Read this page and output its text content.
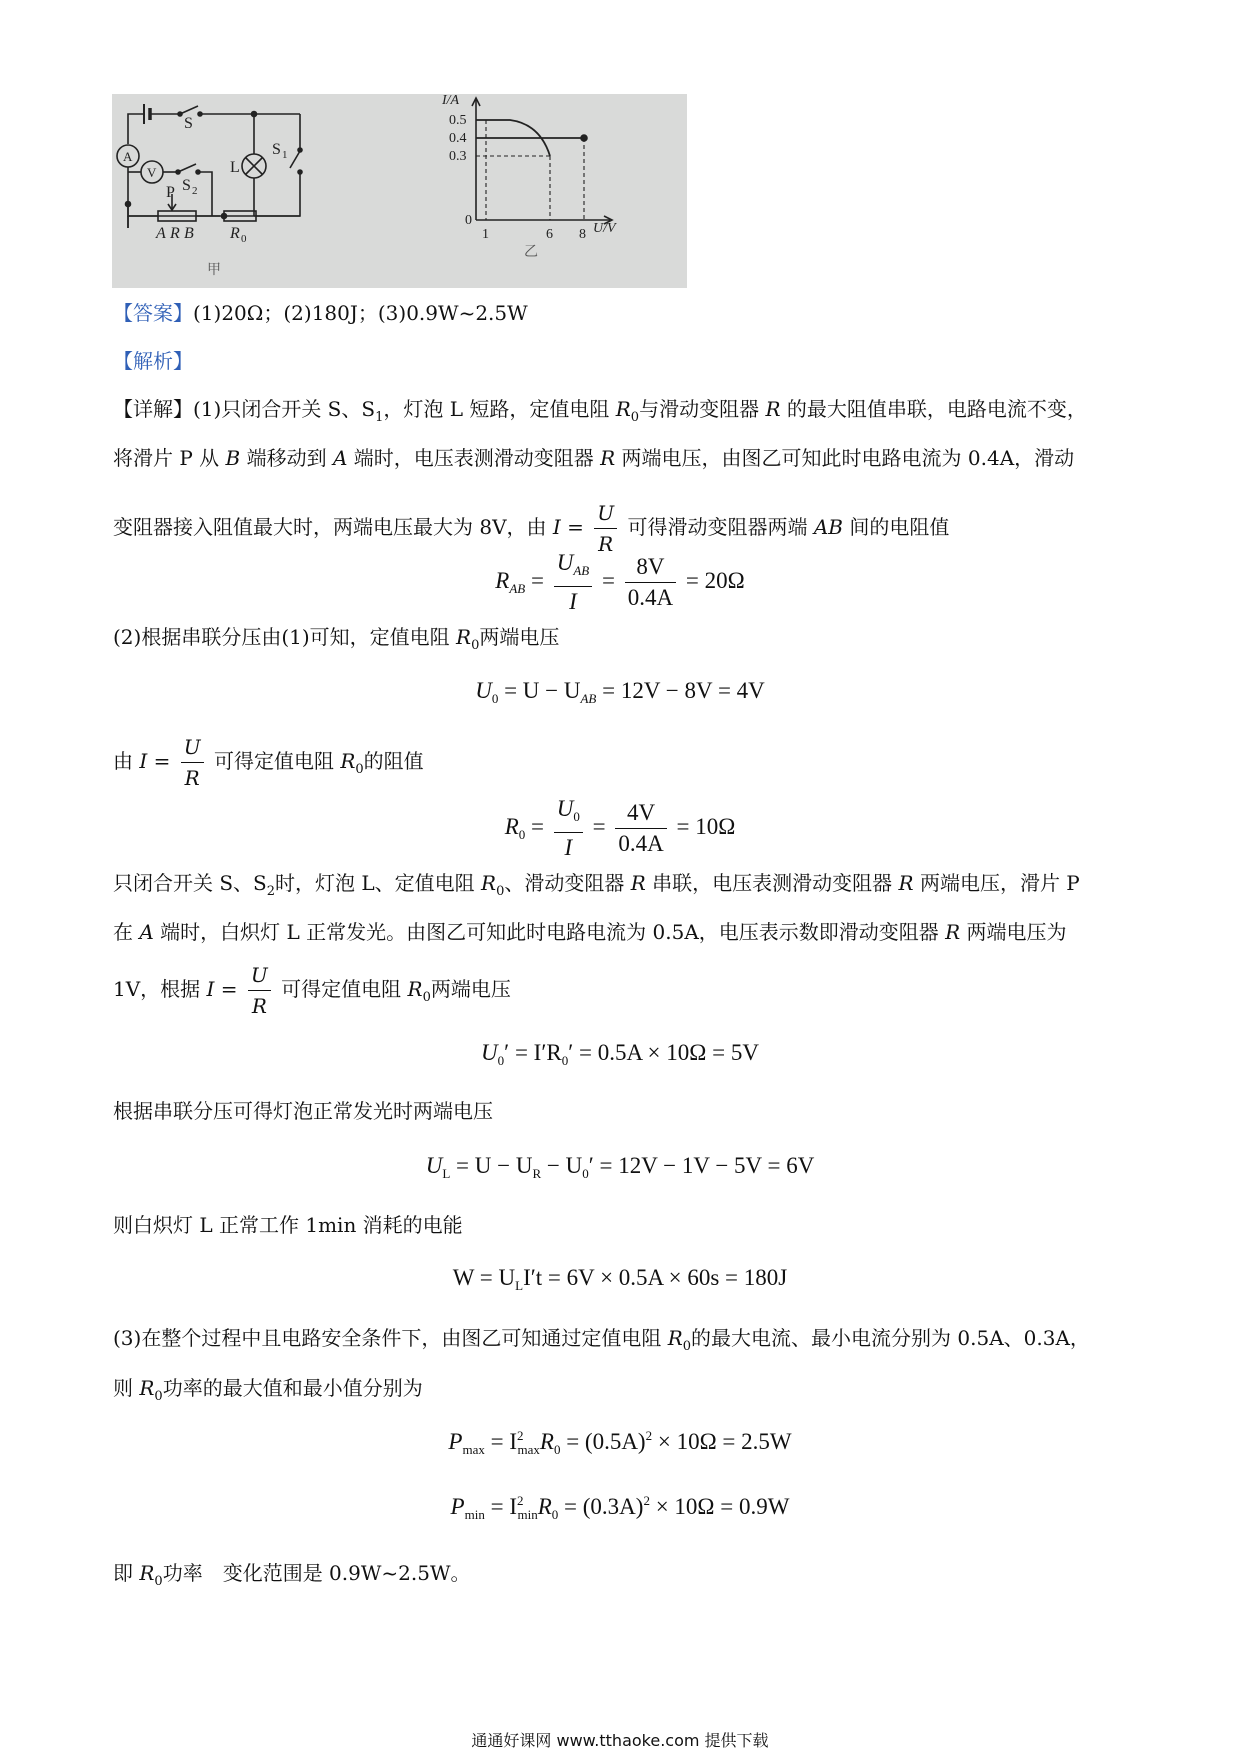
A
V
S
S 1
S 2
L
P
A R B R 0
甲
I/A
U/V
0.5
0.4
0.3
0
1	6 8
乙
【答案】(1)20Ω；(2)180J；(3)0.9W~2.5W
【解析】
【详解】(1)只闭合开关 S、$S_1$，灯泡 L 短路，定值电阻 $R_0$与滑动变阻器 R 的最大阻值串联，电路电流不变，
将滑片 P 从 B 端移动到 A 端时，电压表测滑动变阻器 R 两端电压，由图乙可知此时电路电流为 0.4A，滑动
变阻器接入阻值最大时，两端电压最大为 8V，由 $I = \frac{U}{R}$ 可得滑动变阻器两端 AB 间的电阻值
$R_{AB} = \frac{U_{AB}}{I} = \frac{8V}{0.4A} = 20\Omega$
(2)根据串联分压由(1)可知，定值电阻 $R_0$两端电压
$U_0 = U - U_{AB} = 12V - 8V = 4V$
由 $I = \frac{U}{R}$ 可得定值电阻 $R_0$的阻值
$R_0 = \frac{U_0}{I} = \frac{4V}{0.4A} = 10\Omega$
只闭合开关 S、$S_2$时，灯泡 L、定值电阻 $R_0$、滑动变阻器 R 串联，电压表测滑动变阻器 R 两端电压，滑片 P
在 A 端时，白炽灯 L 正常发光。由图乙可知此时电路电流为 0.5A，电压表示数即滑动变阻器 R 两端电压为
1V，根据 $I = \frac{U}{R}$ 可得定值电阻 $R_0$两端电压
$U_0' = I'R_0' = 0.5A \times 10\Omega = 5V$
根据串联分压可得灯泡正常发光时两端电压
$U_L = U - U_R - U_0' = 12V - 1V - 5V = 6V$
则白炽灯 L 正常工作 1min 消耗的电能
$W = U_LI't = 6V \times 0.5A \times 60s = 180J$
(3)在整个过程中且电路安全条件下，由图乙可知通过定值电阻 $R_0$的最大电流、最小电流分别为 0.5A、0.3A，
则 $R_0$功率的最大值和最小值分别为
$P_{max} = I^2_{max}R_0 = (0.5A)^2 \times 10\Omega = 2.5W$
$P_{min} = I^2_{min}R_0 = (0.3A)^2 \times 10\Omega = 0.9W$
即 $R_0$功率　变化范围是 0.9W~2.5W。
通通好课网 www.tthaoke.com 提供下载
